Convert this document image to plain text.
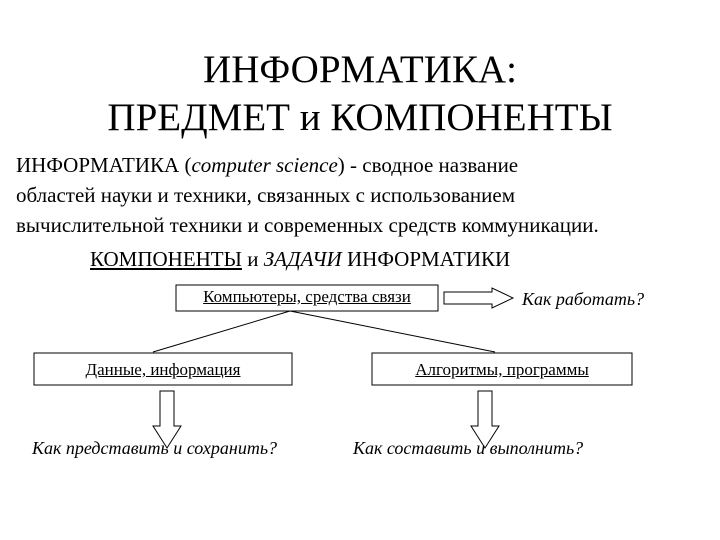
ИНФОРМАТИКА:
ПРЕДМЕТ и КОМПОНЕНТЫ
ИНФОРМАТИКА (computer science) - сводное название
областей науки и техники, связанных с использованием
вычислительной техники и современных средств коммуникации.
КОМПОНЕНТЫ и ЗАДАЧИ ИНФОРМАТИКИ
Компьютеры, средства связи	Как работать?
Данные, информация	Алгоритмы, программы
Как представить и сохранить?	Как составить и выполнить?
